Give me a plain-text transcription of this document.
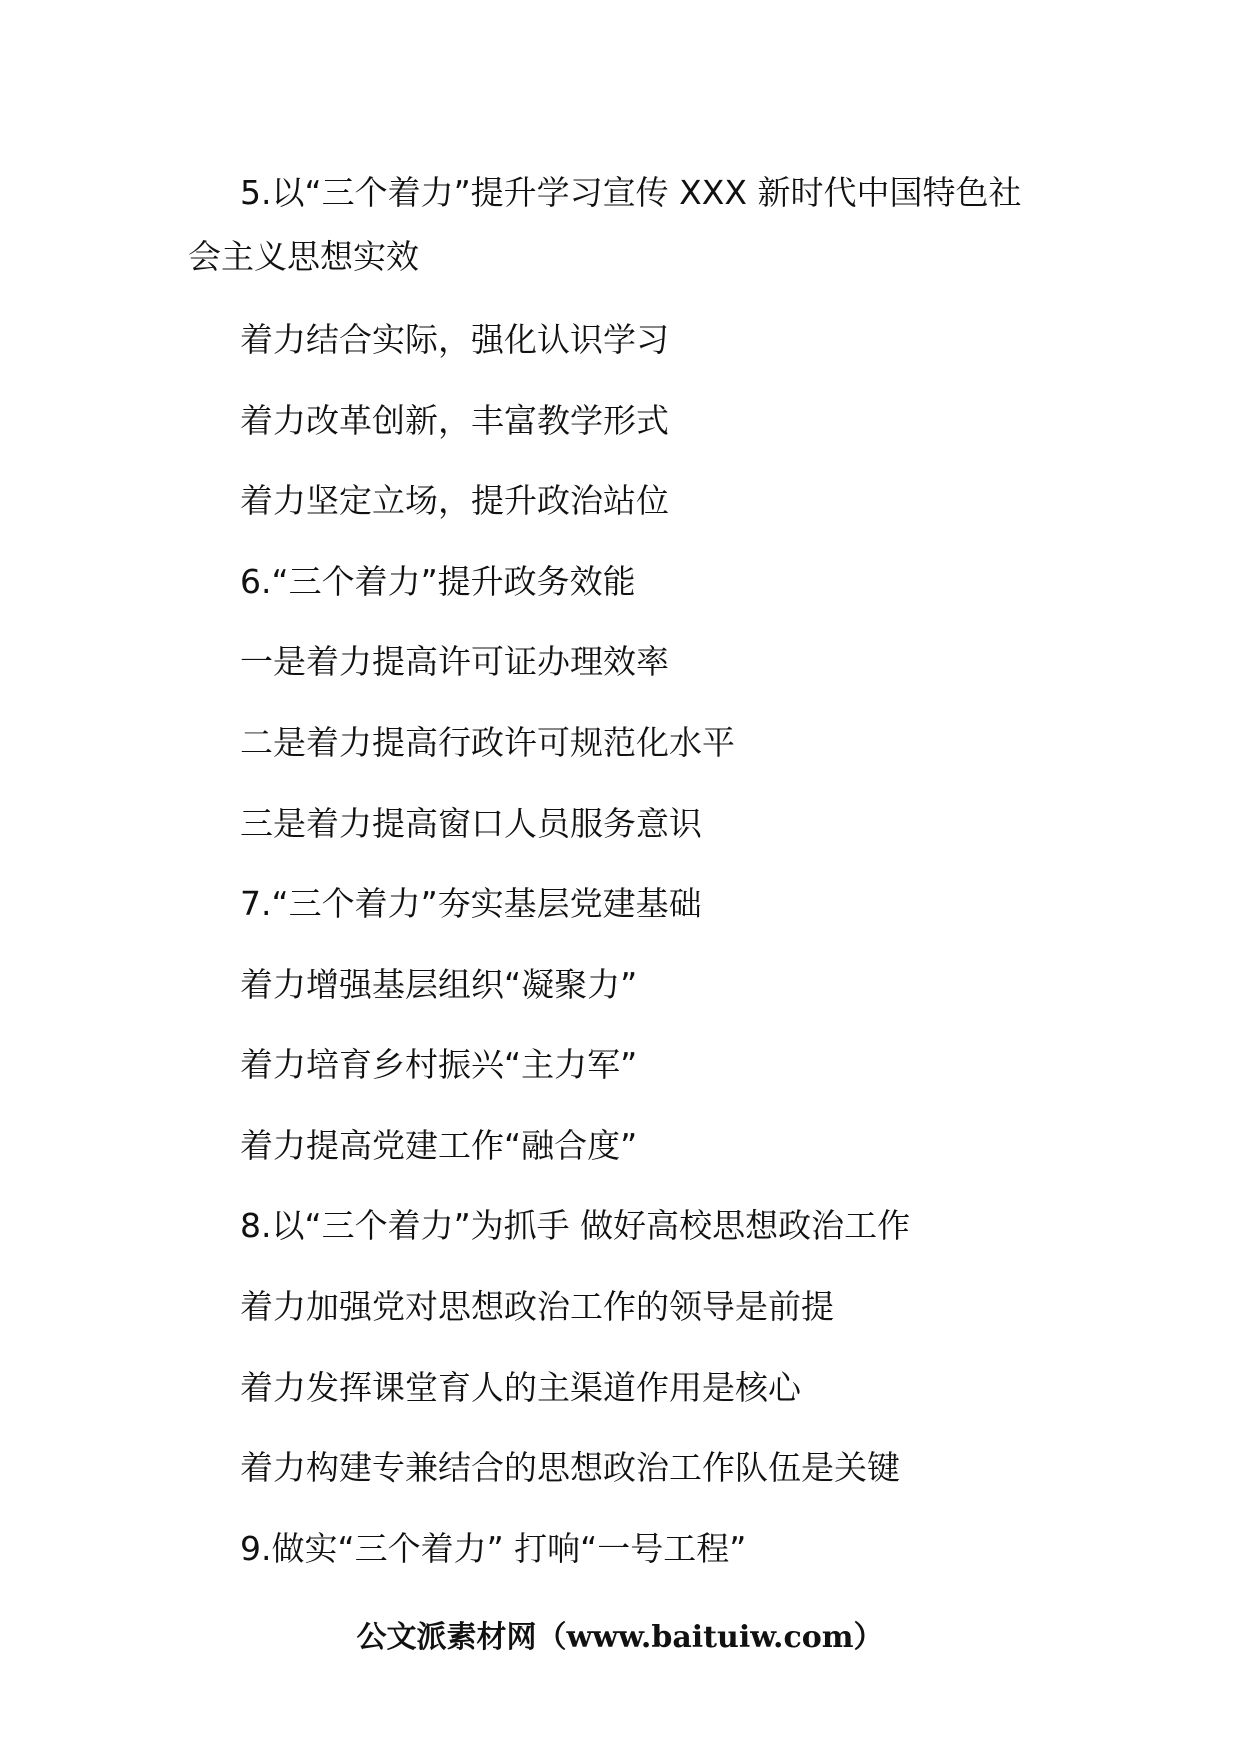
5.以“三个着力”提升学习宣传 XXX 新时代中国特色社
会主义思想实效
着力结合实际，强化认识学习
着力改革创新，丰富教学形式
着力坚定立场，提升政治站位
6.“三个着力”提升政务效能
一是着力提高许可证办理效率
二是着力提高行政许可规范化水平
三是着力提高窗口人员服务意识
7.“三个着力”夯实基层党建基础
着力增强基层组织“凝聚力”
着力培育乡村振兴“主力军”
着力提高党建工作“融合度”
8.以“三个着力”为抓手 做好高校思想政治工作
着力加强党对思想政治工作的领导是前提
着力发挥课堂育人的主渠道作用是核心
着力构建专兼结合的思想政治工作队伍是关键
9.做实“三个着力” 打响“一号工程”
公文派素材网（www.baituiw.com）
